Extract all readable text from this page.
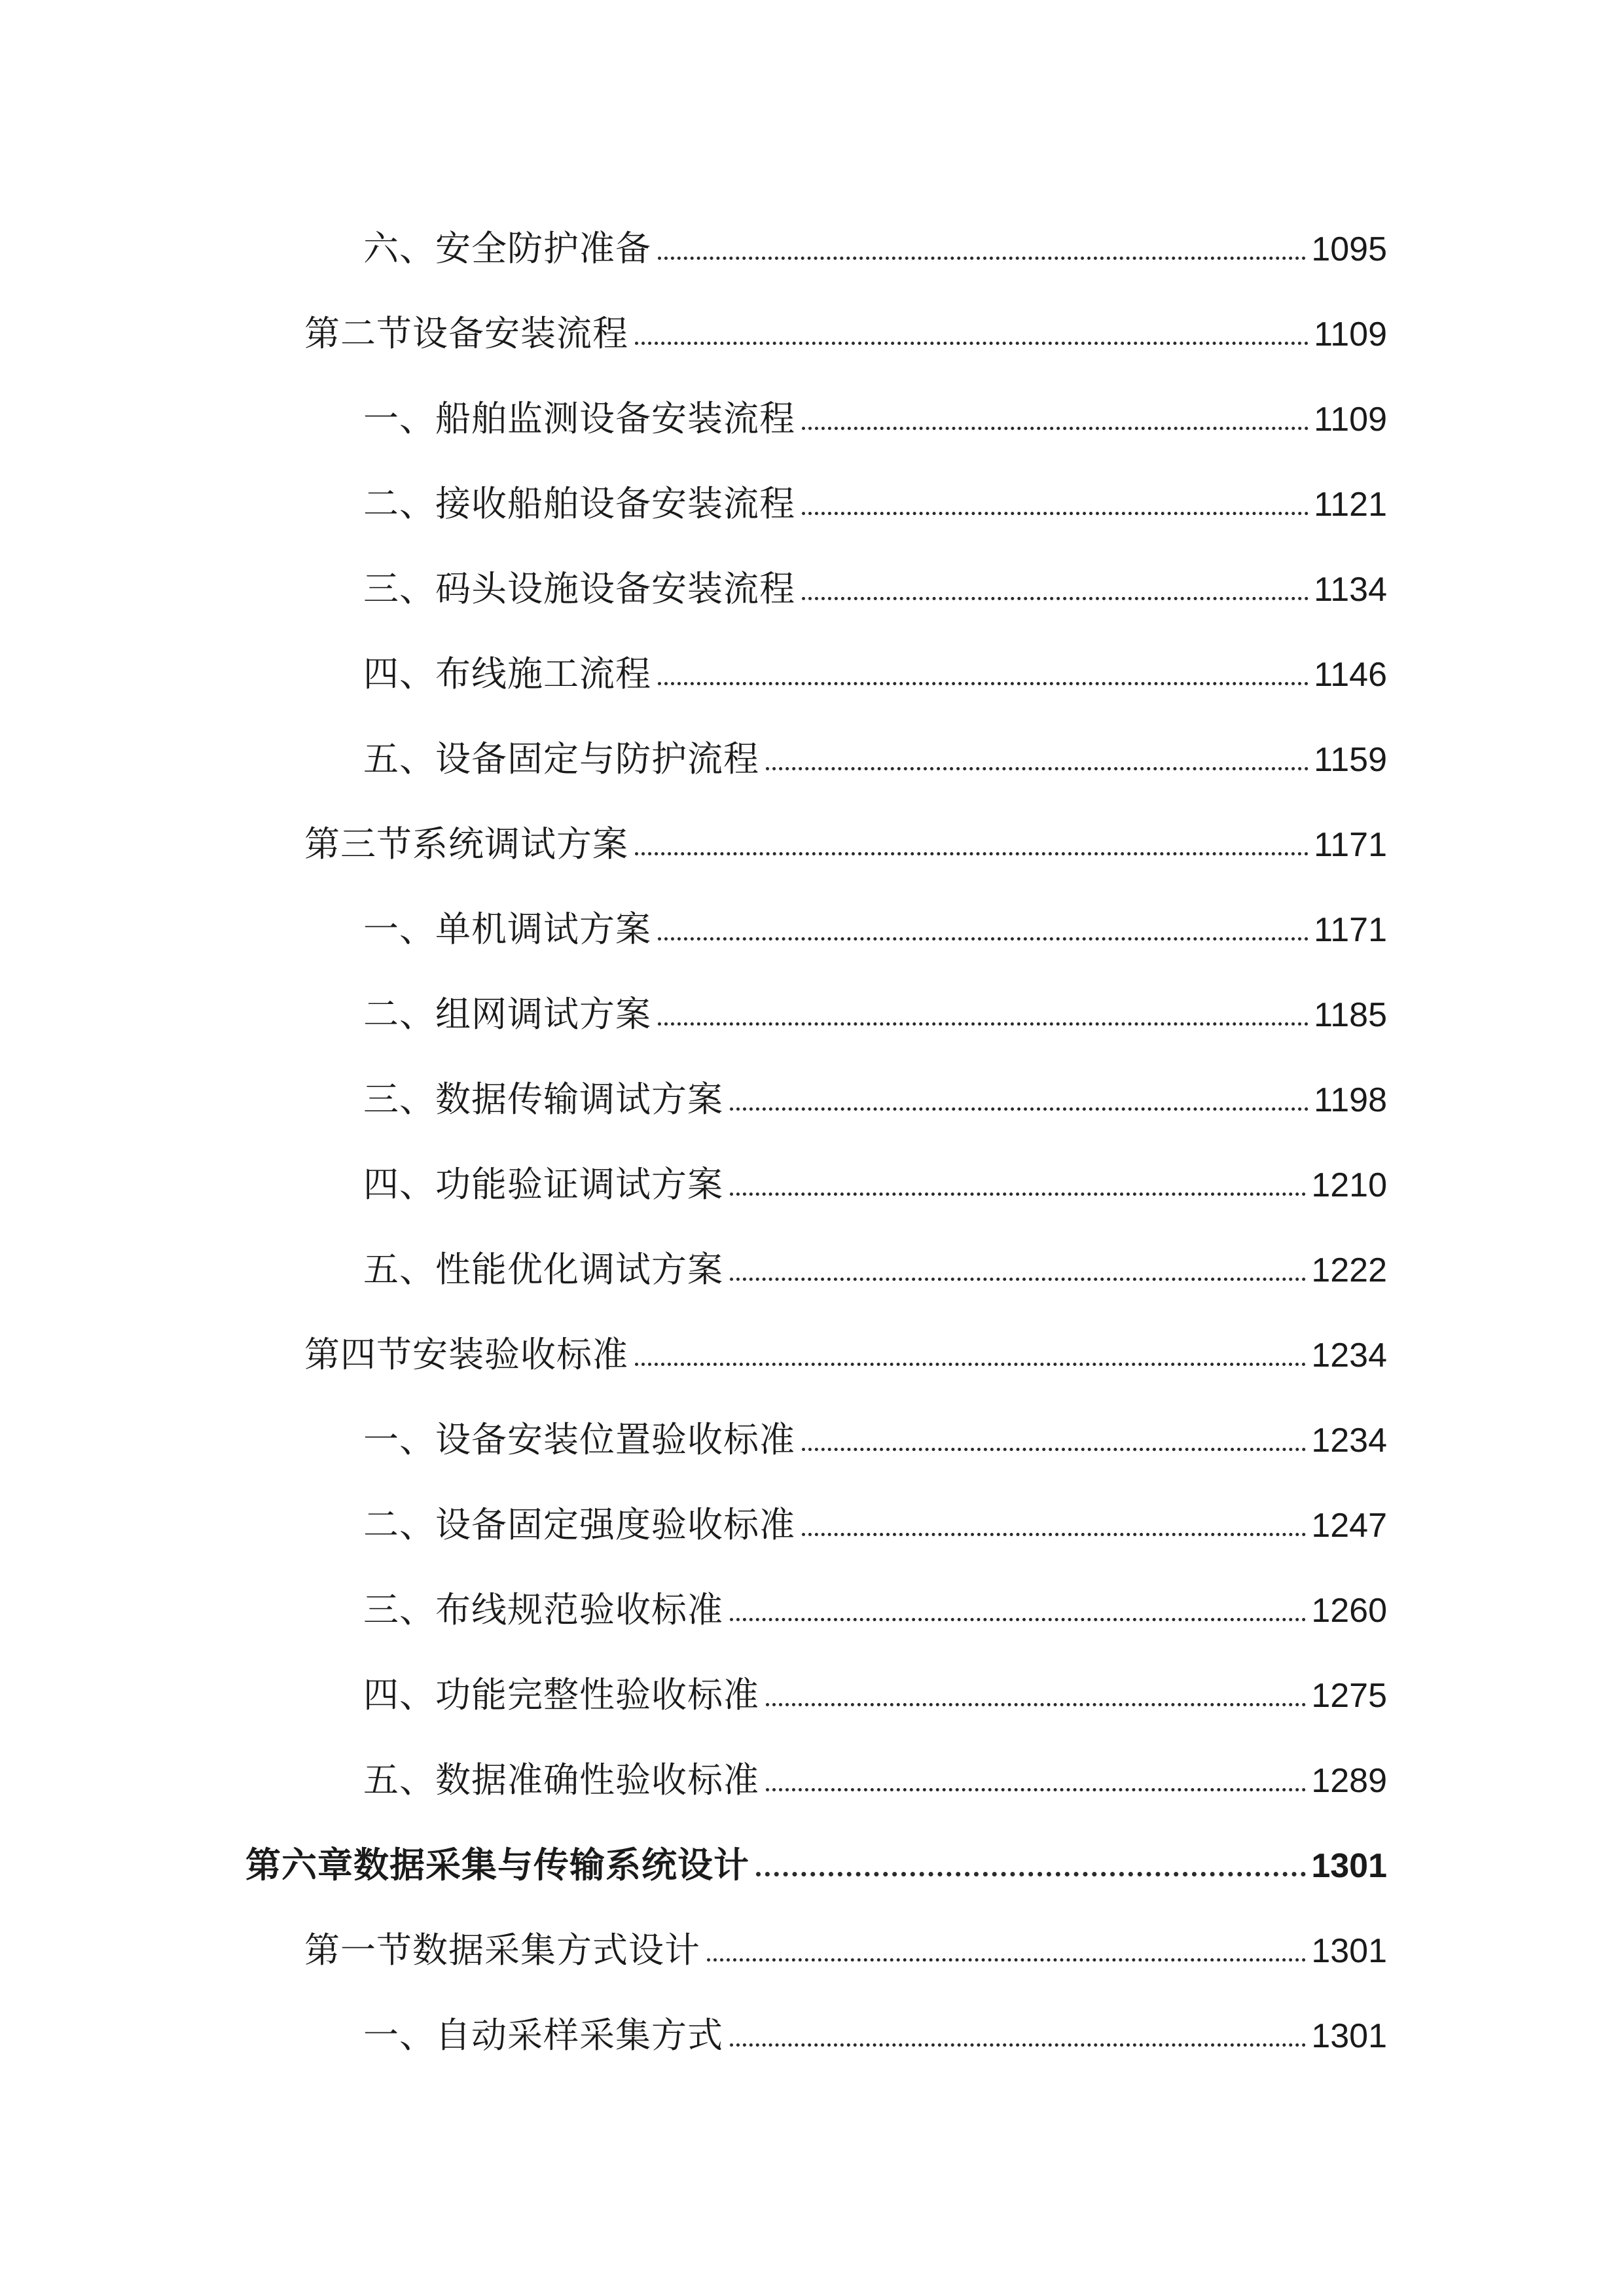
六、安全防护准备	1095
第二节设备安装流程	1109
一、船舶监测设备安装流程	1109
二、接收船舶设备安装流程	1121
三、码头设施设备安装流程	1134
四、布线施工流程	1146
五、设备固定与防护流程	1159
第三节系统调试方案	1171
一、单机调试方案	1171
二、组网调试方案	1185
三、数据传输调试方案	1198
四、功能验证调试方案	1210
五、性能优化调试方案	1222
第四节安装验收标准	1234
一、设备安装位置验收标准	1234
二、设备固定强度验收标准	1247
三、布线规范验收标准	1260
四、功能完整性验收标准	1275
五、数据准确性验收标准	1289
第六章数据采集与传输系统设计	1301
第一节数据采集方式设计	1301
一、自动采样采集方式	1301
